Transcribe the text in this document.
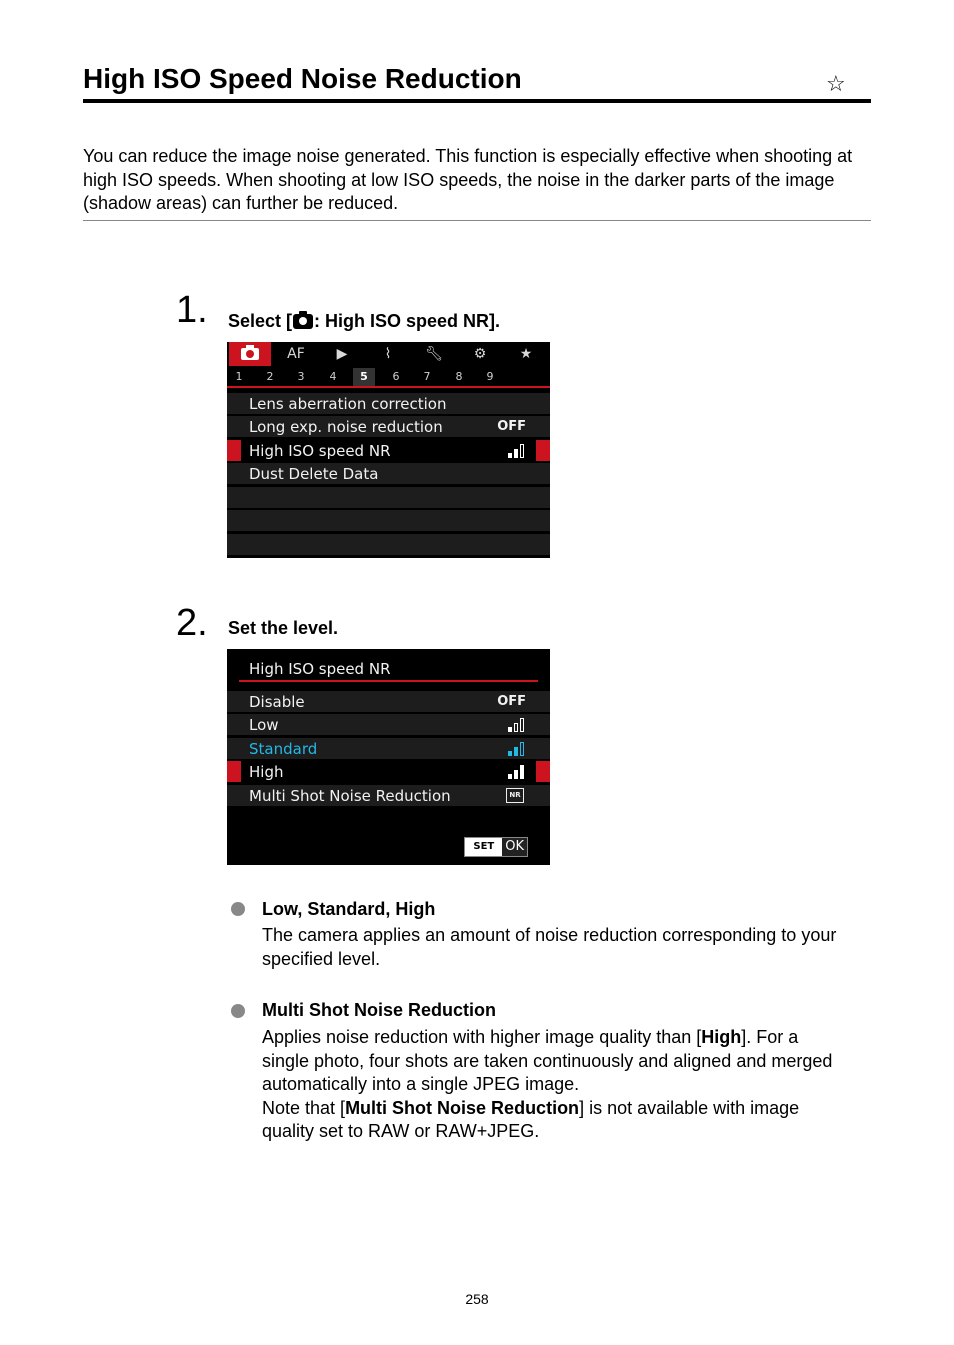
High ISO Speed Noise Reduction	☆

You can reduce the image noise generated. This function is especially effective when shooting at high ISO speeds. When shooting at low ISO speeds, the noise in the darker parts of the image (shadow areas) can further be reduced.

1. Select [ : High ISO speed NR].
AF ▶	⌇ 🔧︎ ⚙ ★
1	2	3	4	5	6	7	8	9
Lens aberration correction
Long exp. noise reduction	OFF
High ISO speed NR
Dust Delete Data
2. Set the level.
High ISO speed NR
Disable	OFF
Low
Standard
High
Multi Shot Noise Reduction	NR
SET OK
Low, Standard, High

The camera applies an amount of noise reduction corresponding to your specified level.

Multi Shot Noise Reduction

Applies noise reduction with higher image quality than [High]. For a single photo, four shots are taken continuously and aligned and merged automatically into a single JPEG image.
Note that [Multi Shot Noise Reduction] is not available with image quality set to RAW or RAW+JPEG.

258
